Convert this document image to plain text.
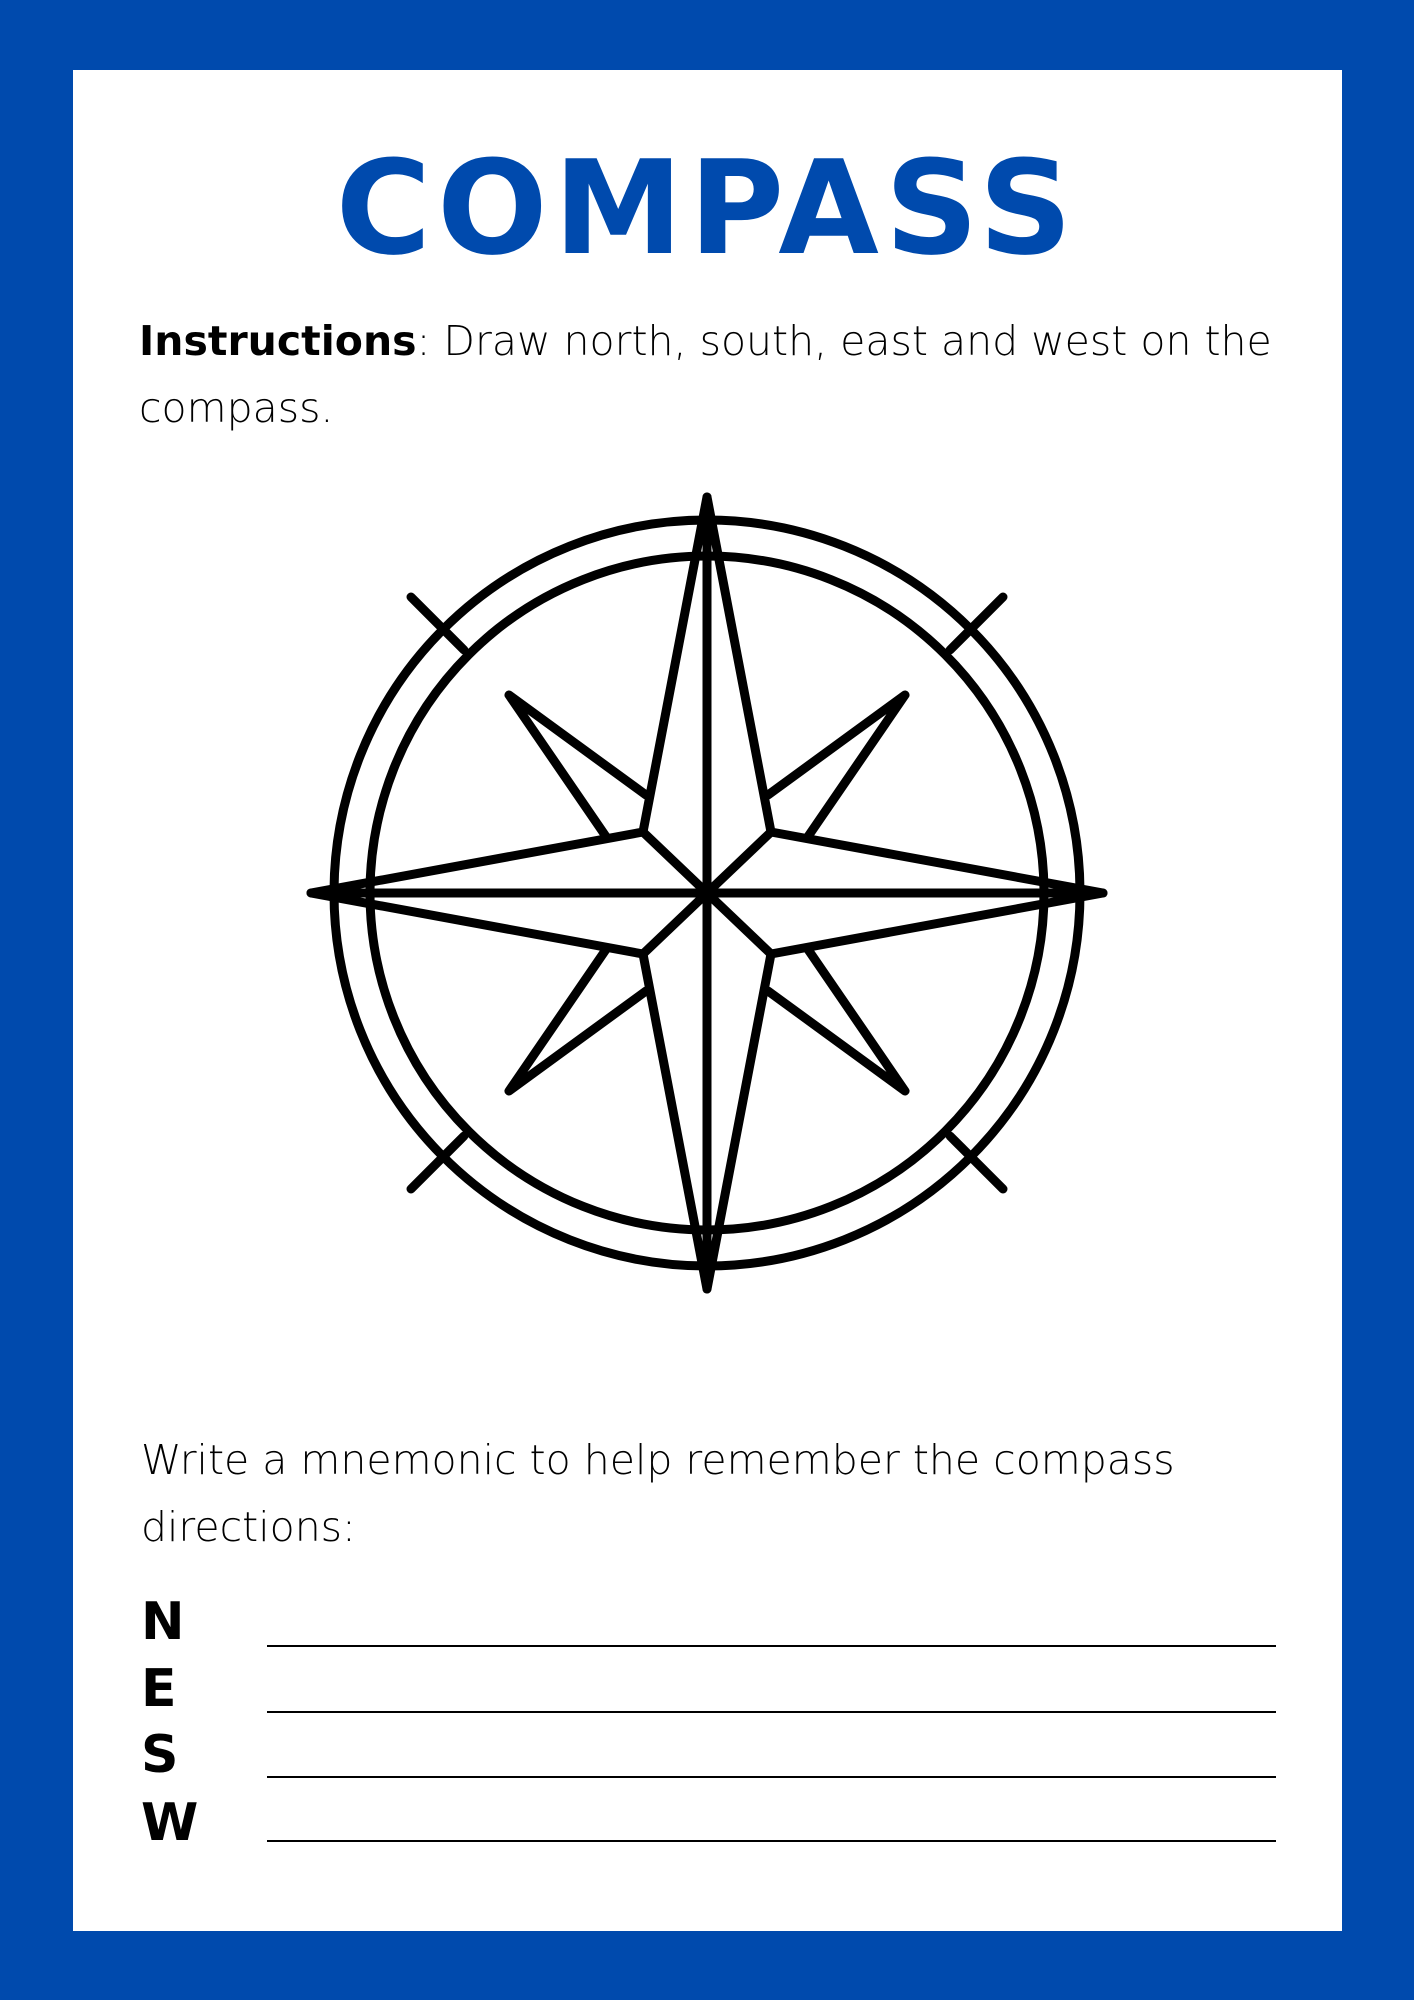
COMPASS
Instructions: Draw north, south, east and west on the compass.
Write a mnemonic to help remember the compass directions:
N
E
S
W
